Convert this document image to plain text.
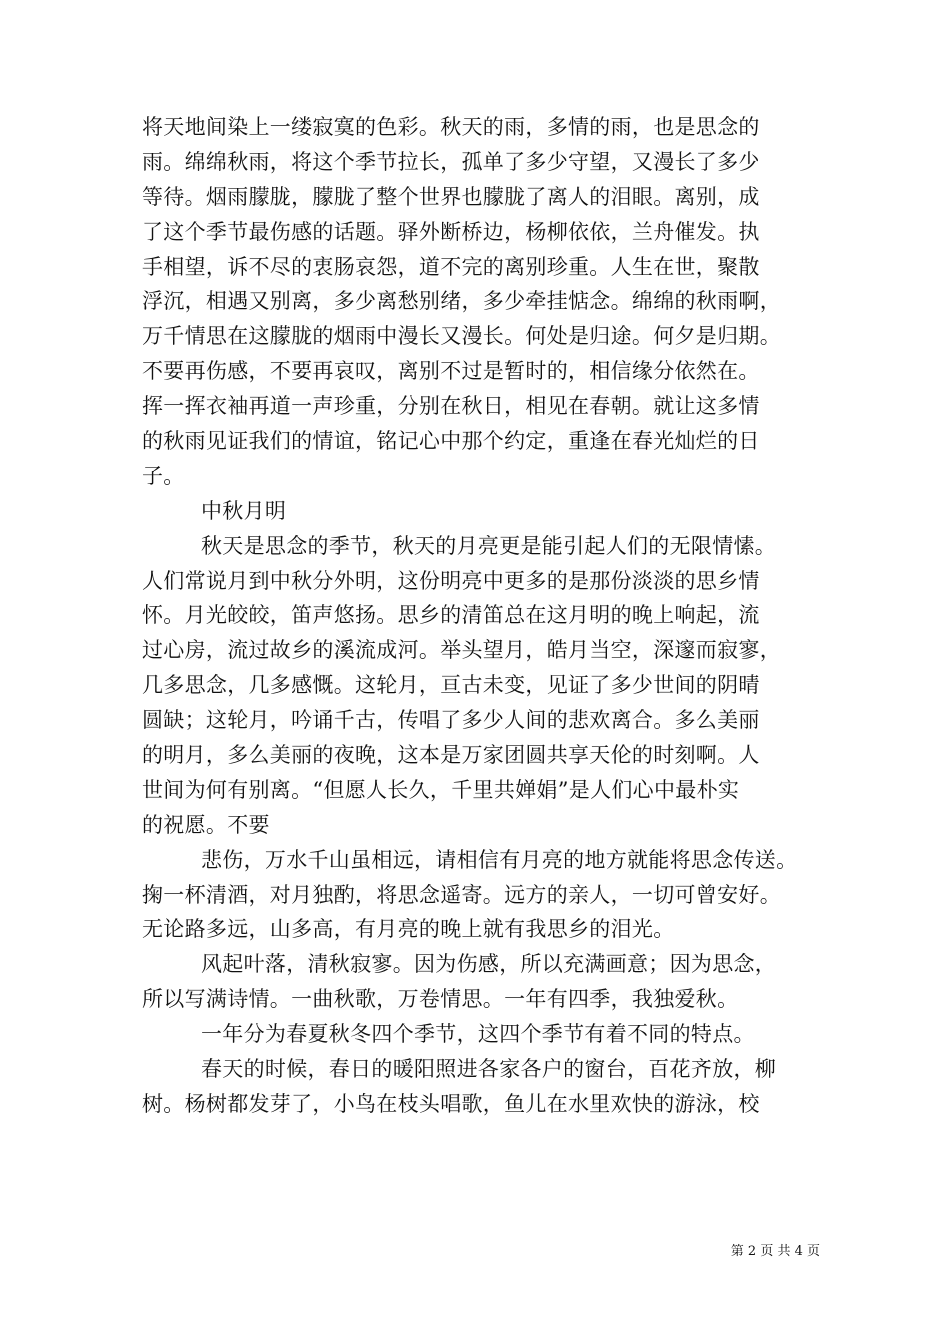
将天地间染上一缕寂寞的色彩。秋天的雨，多情的雨，也是思念的
雨。绵绵秋雨，将这个季节拉长，孤单了多少守望，又漫长了多少
等待。烟雨朦胧，朦胧了整个世界也朦胧了离人的泪眼。离别，成
了这个季节最伤感的话题。驿外断桥边，杨柳依依，兰舟催发。执
手相望，诉不尽的衷肠哀怨，道不完的离别珍重。人生在世，聚散
浮沉，相遇又别离，多少离愁别绪，多少牵挂惦念。绵绵的秋雨啊，
万千情思在这朦胧的烟雨中漫长又漫长。何处是归途。何夕是归期。
不要再伤感，不要再哀叹，离别不过是暂时的，相信缘分依然在。
挥一挥衣袖再道一声珍重，分别在秋日，相见在春朝。就让这多情
的秋雨见证我们的情谊，铭记心中那个约定，重逢在春光灿烂的日
子。
中秋月明
秋天是思念的季节，秋天的月亮更是能引起人们的无限情愫。
人们常说月到中秋分外明，这份明亮中更多的是那份淡淡的思乡情
怀。月光皎皎，笛声悠扬。思乡的清笛总在这月明的晚上响起，流
过心房，流过故乡的溪流成河。举头望月，皓月当空，深邃而寂寥，
几多思念，几多感慨。这轮月，亘古未变，见证了多少世间的阴晴
圆缺；这轮月，吟诵千古，传唱了多少人间的悲欢离合。多么美丽
的明月，多么美丽的夜晚，这本是万家团圆共享天伦的时刻啊。人
世间为何有别离。“但愿人长久，千里共婵娟”是人们心中最朴实
的祝愿。不要
悲伤，万水千山虽相远，请相信有月亮的地方就能将思念传送。
掬一杯清酒，对月独酌，将思念遥寄。远方的亲人，一切可曾安好。
无论路多远，山多高，有月亮的晚上就有我思乡的泪光。
风起叶落，清秋寂寥。因为伤感，所以充满画意；因为思念，
所以写满诗情。一曲秋歌，万卷情思。一年有四季，我独爱秋。
一年分为春夏秋冬四个季节，这四个季节有着不同的特点。
春天的时候，春日的暖阳照进各家各户的窗台，百花齐放，柳
树。杨树都发芽了，小鸟在枝头唱歌，鱼儿在水里欢快的游泳，校
第 2 页 共 4 页
